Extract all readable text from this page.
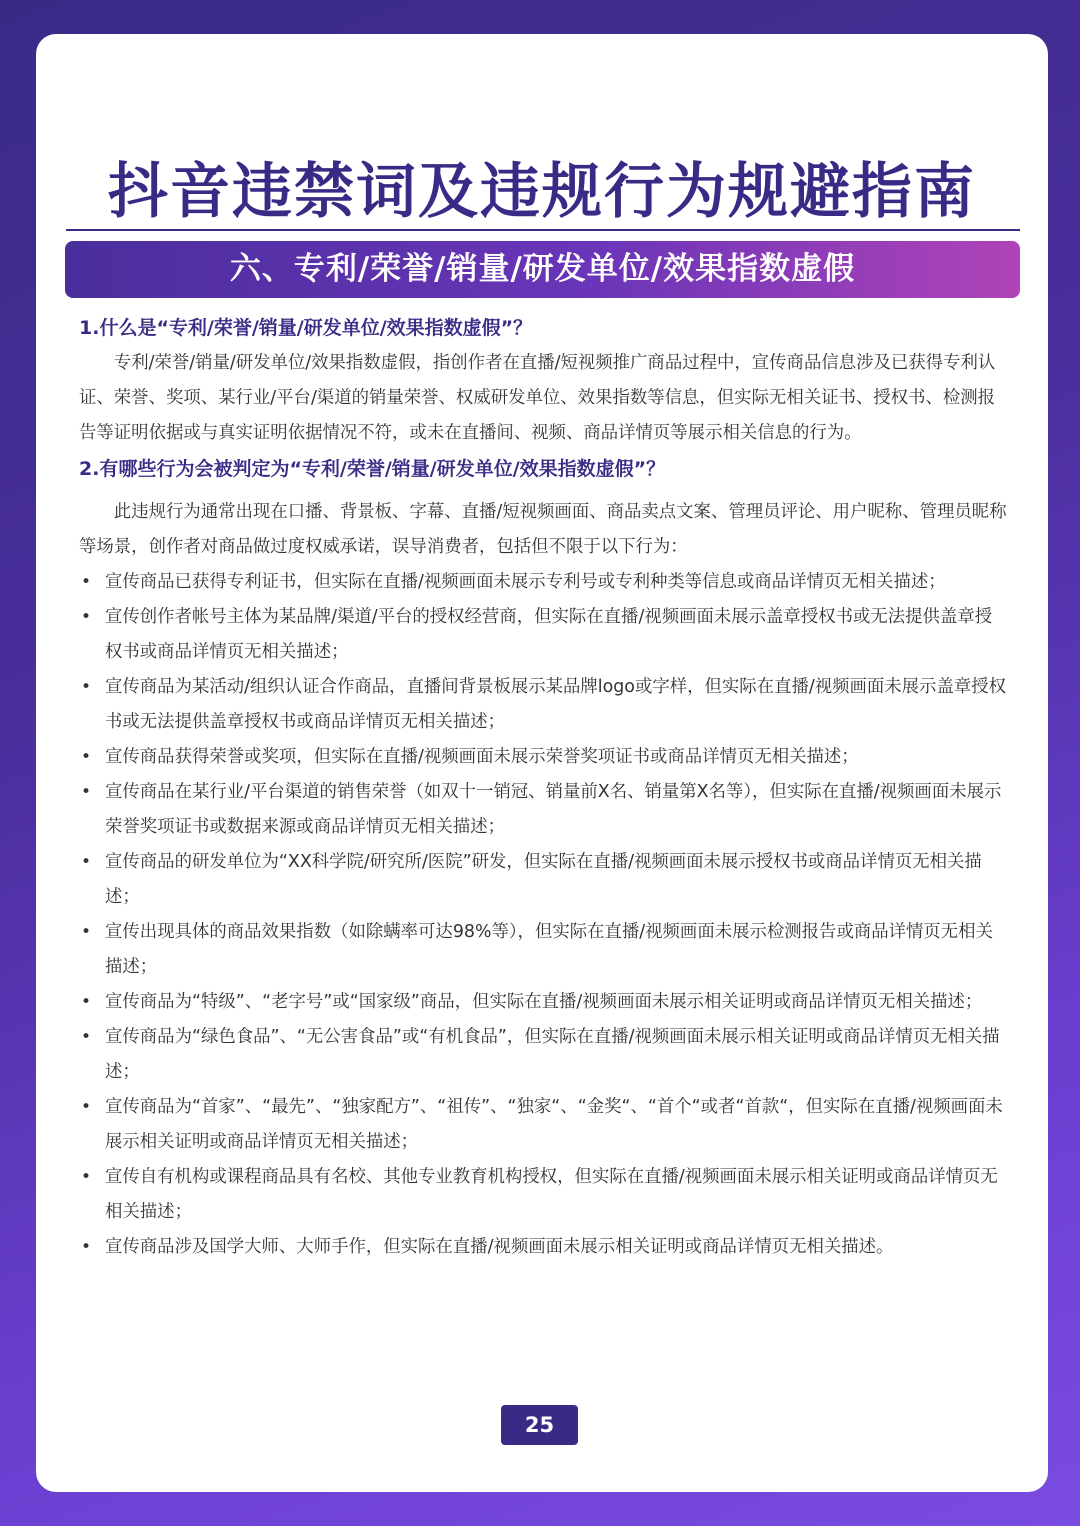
抖音违禁词及违规行为规避指南
六、专利/荣誉/销量/研发单位/效果指数虚假

1.什么是“专利/荣誉/销量/研发单位/效果指数虚假”？

专利/荣誉/销量/研发单位/效果指数虚假，指创作者在直播/短视频推广商品过程中，宣传商品信息涉及已获得专利认证、荣誉、奖项、某行业/平台/渠道的销量荣誉、权威研发单位、效果指数等信息，但实际无相关证书、授权书、检测报告等证明依据或与真实证明依据情况不符，或未在直播间、视频、商品详情页等展示相关信息的行为。

2.有哪些行为会被判定为“专利/荣誉/销量/研发单位/效果指数虚假”？

此违规行为通常出现在口播、背景板、字幕、直播/短视频画面、商品卖点文案、管理员评论、用户昵称、管理员昵称等场景，创作者对商品做过度权威承诺，误导消费者，包括但不限于以下行为：

• 宣传商品已获得专利证书，但实际在直播/视频画面未展示专利号或专利种类等信息或商品详情页无相关描述；
• 宣传创作者帐号主体为某品牌/渠道/平台的授权经营商，但实际在直播/视频画面未展示盖章授权书或无法提供盖章授权书或商品详情页无相关描述；
• 宣传商品为某活动/组织认证合作商品，直播间背景板展示某品牌logo或字样，但实际在直播/视频画面未展示盖章授权书或无法提供盖章授权书或商品详情页无相关描述；
• 宣传商品获得荣誉或奖项，但实际在直播/视频画面未展示荣誉奖项证书或商品详情页无相关描述；
• 宣传商品在某行业/平台渠道的销售荣誉（如双十一销冠、销量前X名、销量第X名等），但实际在直播/视频画面未展示荣誉奖项证书或数据来源或商品详情页无相关描述；
• 宣传商品的研发单位为“XX科学院/研究所/医院”研发，但实际在直播/视频画面未展示授权书或商品详情页无相关描述；
• 宣传出现具体的商品效果指数（如除螨率可达98%等），但实际在直播/视频画面未展示检测报告或商品详情页无相关描述；
• 宣传商品为“特级”、“老字号”或“国家级”商品，但实际在直播/视频画面未展示相关证明或商品详情页无相关描述；
• 宣传商品为“绿色食品”、“无公害食品”或“有机食品”，但实际在直播/视频画面未展示相关证明或商品详情页无相关描述；
• 宣传商品为“首家”、“最先”、“独家配方”、“祖传”、“独家“、“金奖“、“首个“或者“首款“，但实际在直播/视频画面未展示相关证明或商品详情页无相关描述；
• 宣传自有机构或课程商品具有名校、其他专业教育机构授权，但实际在直播/视频画面未展示相关证明或商品详情页无相关描述；
• 宣传商品涉及国学大师、大师手作，但实际在直播/视频画面未展示相关证明或商品详情页无相关描述。
25
